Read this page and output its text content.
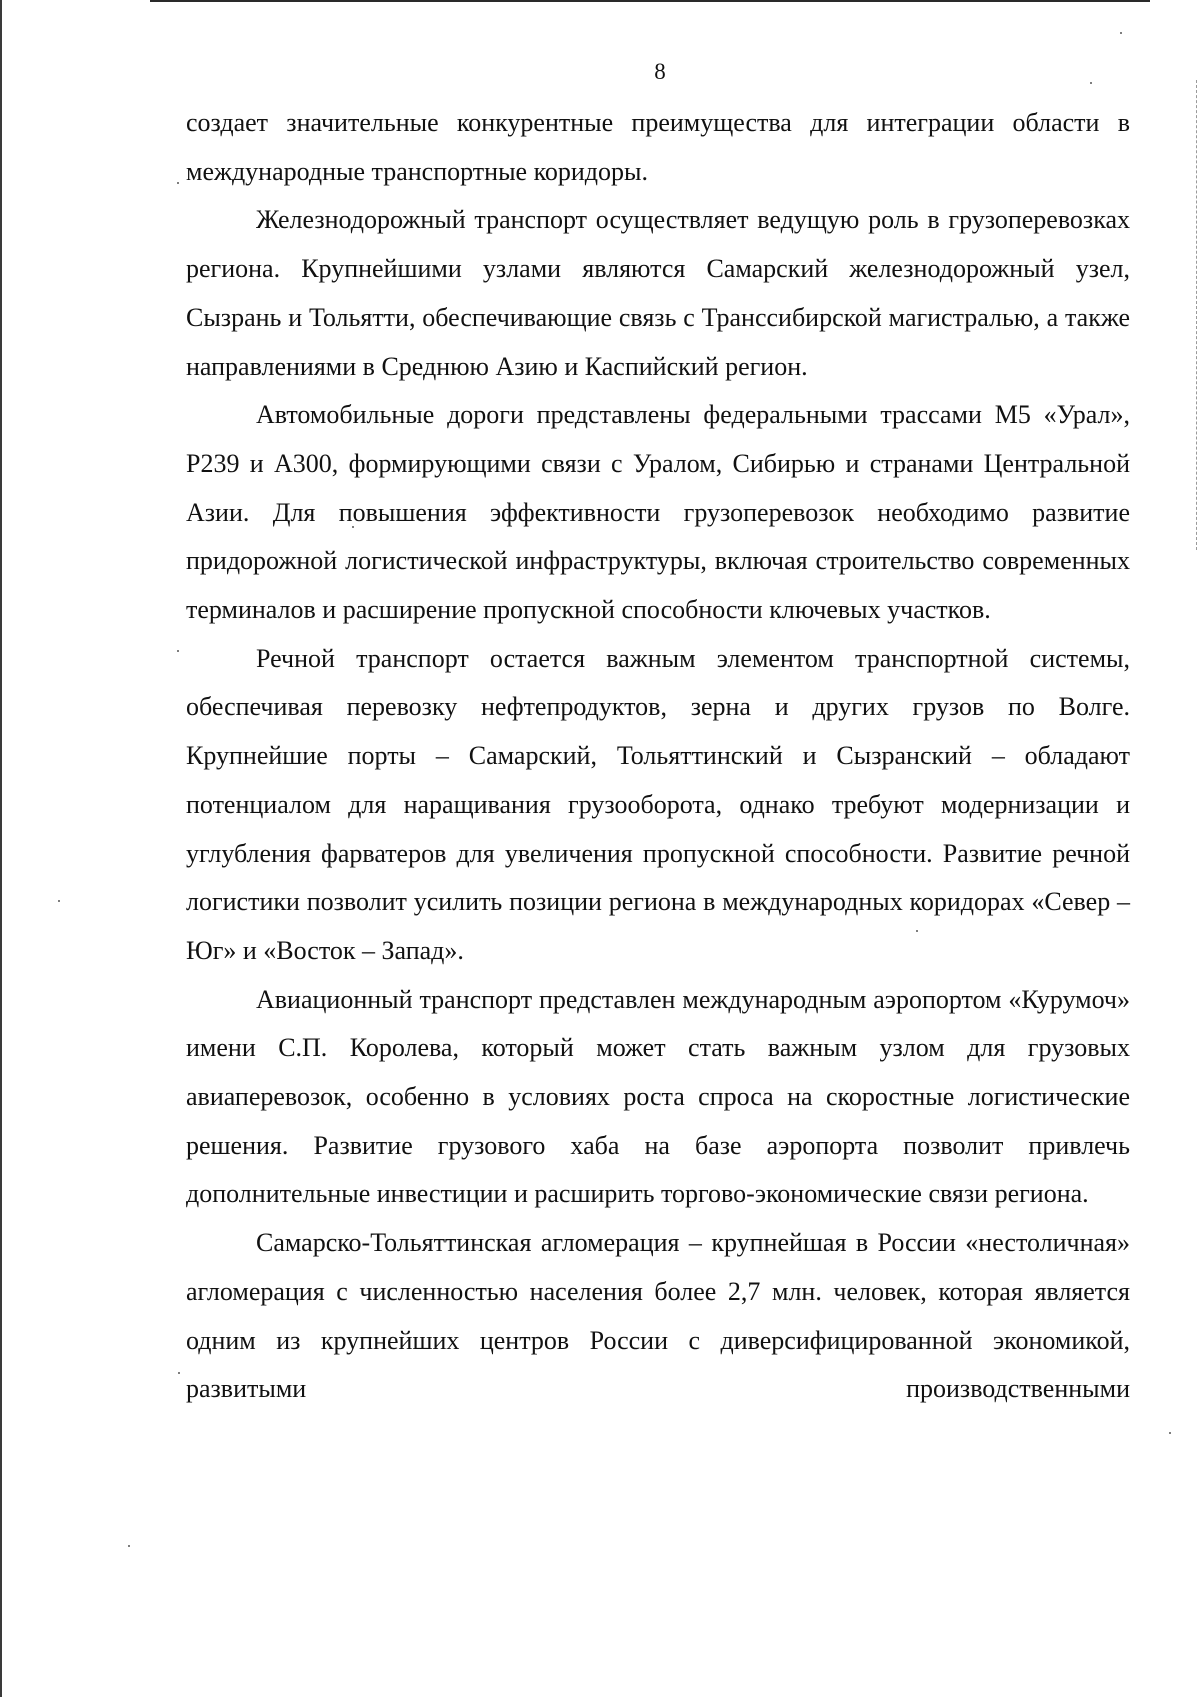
8

создает значительные конкурентные преимущества для интеграции области в международные транспортные коридоры.

Железнодорожный транспорт осуществляет ведущую роль в грузоперевозках региона. Крупнейшими узлами являются Самарский железнодорожный узел, Сызрань и Тольятти, обеспечивающие связь с Транссибирской магистралью, а также направлениями в Среднюю Азию и Каспийский регион.

Автомобильные дороги представлены федеральными трассами М5 «Урал», Р239 и А300, формирующими связи с Уралом, Сибирью и странами Центральной Азии. Для повышения эффективности грузоперевозок необходимо развитие придорожной логистической инфраструктуры, включая строительство современных терминалов и расширение пропускной способности ключевых участков.

Речной транспорт остается важным элементом транспортной системы, обеспечивая перевозку нефтепродуктов, зерна и других грузов по Волге. Крупнейшие порты – Самарский, Тольяттинский и Сызранский – обладают потенциалом для наращивания грузооборота, однако требуют модернизации и углубления фарватеров для увеличения пропускной способности. Развитие речной логистики позволит усилить позиции региона в международных коридорах «Север – Юг» и «Восток – Запад».

Авиационный транспорт представлен международным аэропортом «Курумоч» имени С.П. Королева, который может стать важным узлом для грузовых авиаперевозок, особенно в условиях роста спроса на скоростные логистические решения. Развитие грузового хаба на базе аэропорта позволит привлечь дополнительные инвестиции и расширить торгово-экономические связи региона.

Самарско-Тольяттинская агломерация – крупнейшая в России «нестоличная» агломерация с численностью населения более 2,7 млн. человек, которая является одним из крупнейших центров России с диверсифицированной экономикой, развитыми производственными
